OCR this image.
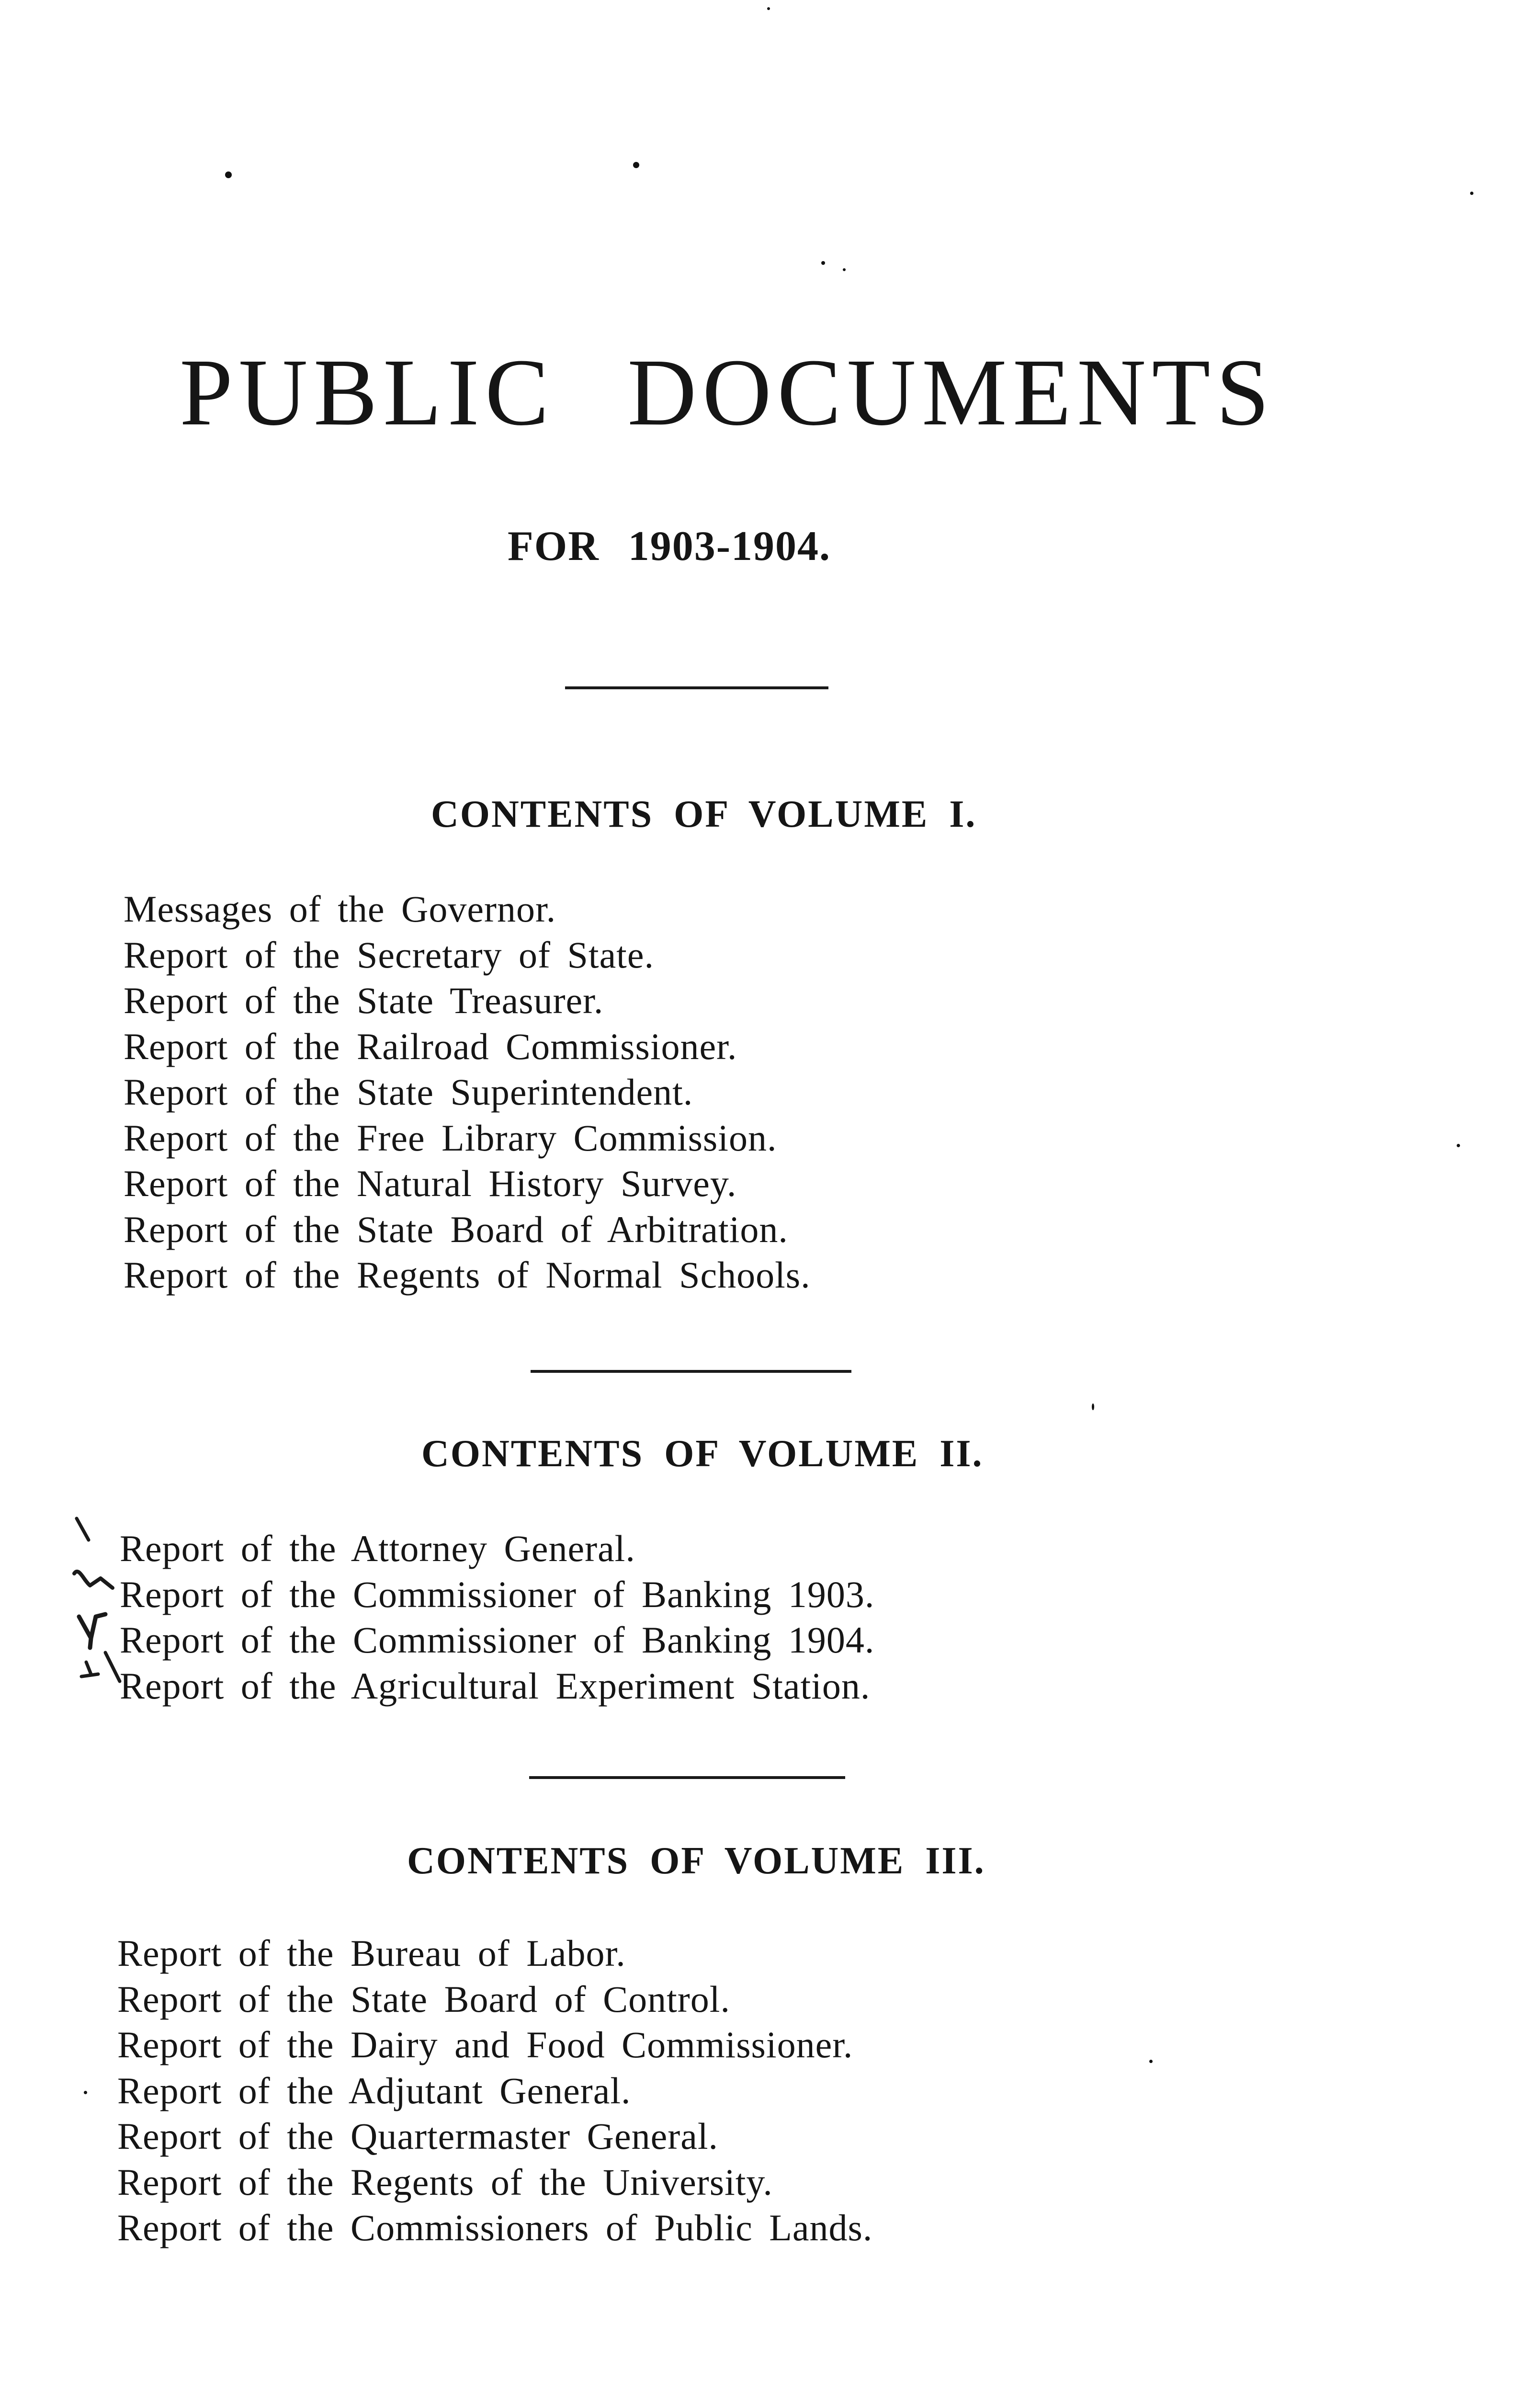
PUBLIC DOCUMENTS
FOR 1903-1904.
CONTENTS OF VOLUME I.
Messages of the Governor.
Report of the Secretary of State.
Report of the State Treasurer.
Report of the Railroad Commissioner.
Report of the State Superintendent.
Report of the Free Library Commission.
Report of the Natural History Survey.
Report of the State Board of Arbitration.
Report of the Regents of Normal Schools.
CONTENTS OF VOLUME II.
Report of the Attorney General.
Report of the Commissioner of Banking 1903.
Report of the Commissioner of Banking 1904.
Report of the Agricultural Experiment Station.
CONTENTS OF VOLUME III.
Report of the Bureau of Labor.
Report of the State Board of Control.
Report of the Dairy and Food Commissioner.
Report of the Adjutant General.
Report of the Quartermaster General.
Report of the Regents of the University.
Report of the Commissioners of Public Lands.
